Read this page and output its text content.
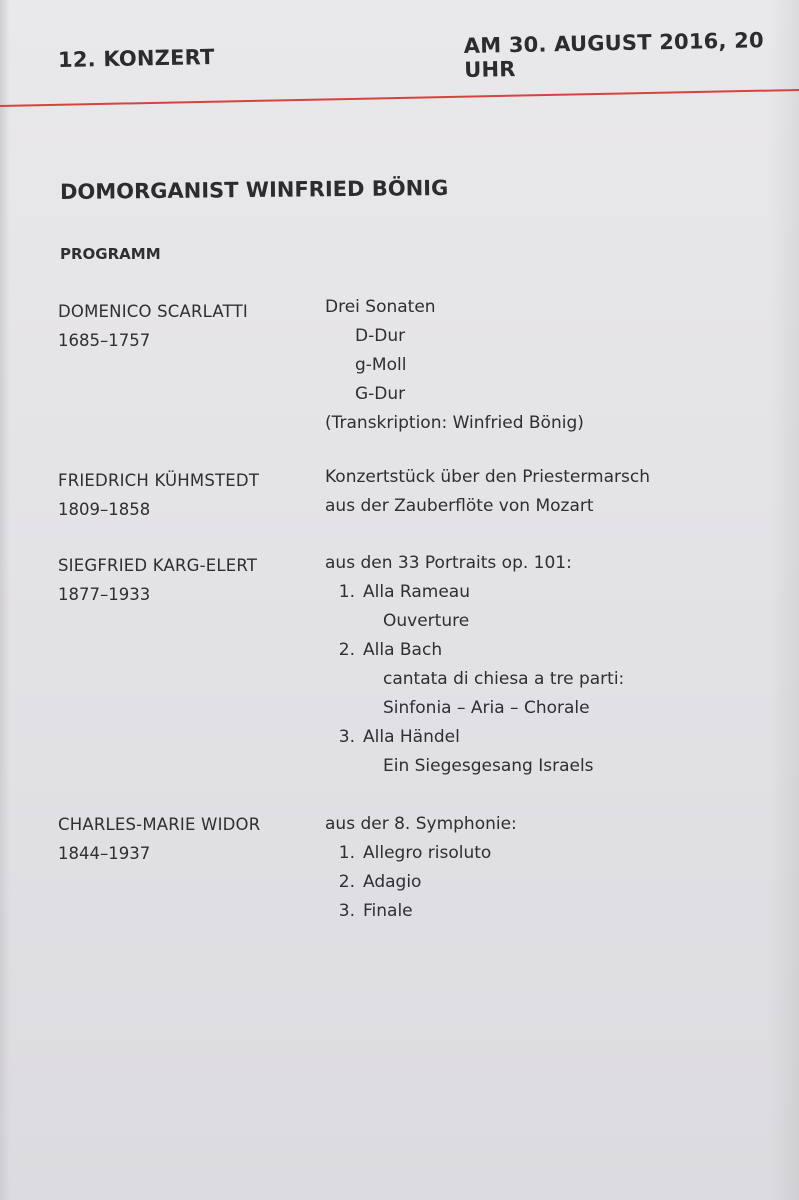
12. KONZERT
AM 30. AUGUST 2016, 20 UHR
DOMORGANIST WINFRIED BÖNIG
PROGRAMM
DOMENICO SCARLATTI
1685–1757
Drei Sonaten
D-Dur
g-Moll
G-Dur
(Transkription: Winfried Bönig)
FRIEDRICH KÜHMSTEDT
1809–1858
Konzertstück über den Priestermarsch
aus der Zauberflöte von Mozart
SIEGFRIED KARG-ELERT
1877–1933
aus den 33 Portraits op. 101:
1. Alla Rameau
Ouverture
2. Alla Bach
cantata di chiesa a tre parti:
Sinfonia – Aria – Chorale
3. Alla Händel
Ein Siegesgesang Israels
CHARLES-MARIE WIDOR
1844–1937
aus der 8. Symphonie:
1. Allegro risoluto
2. Adagio
3. Finale
